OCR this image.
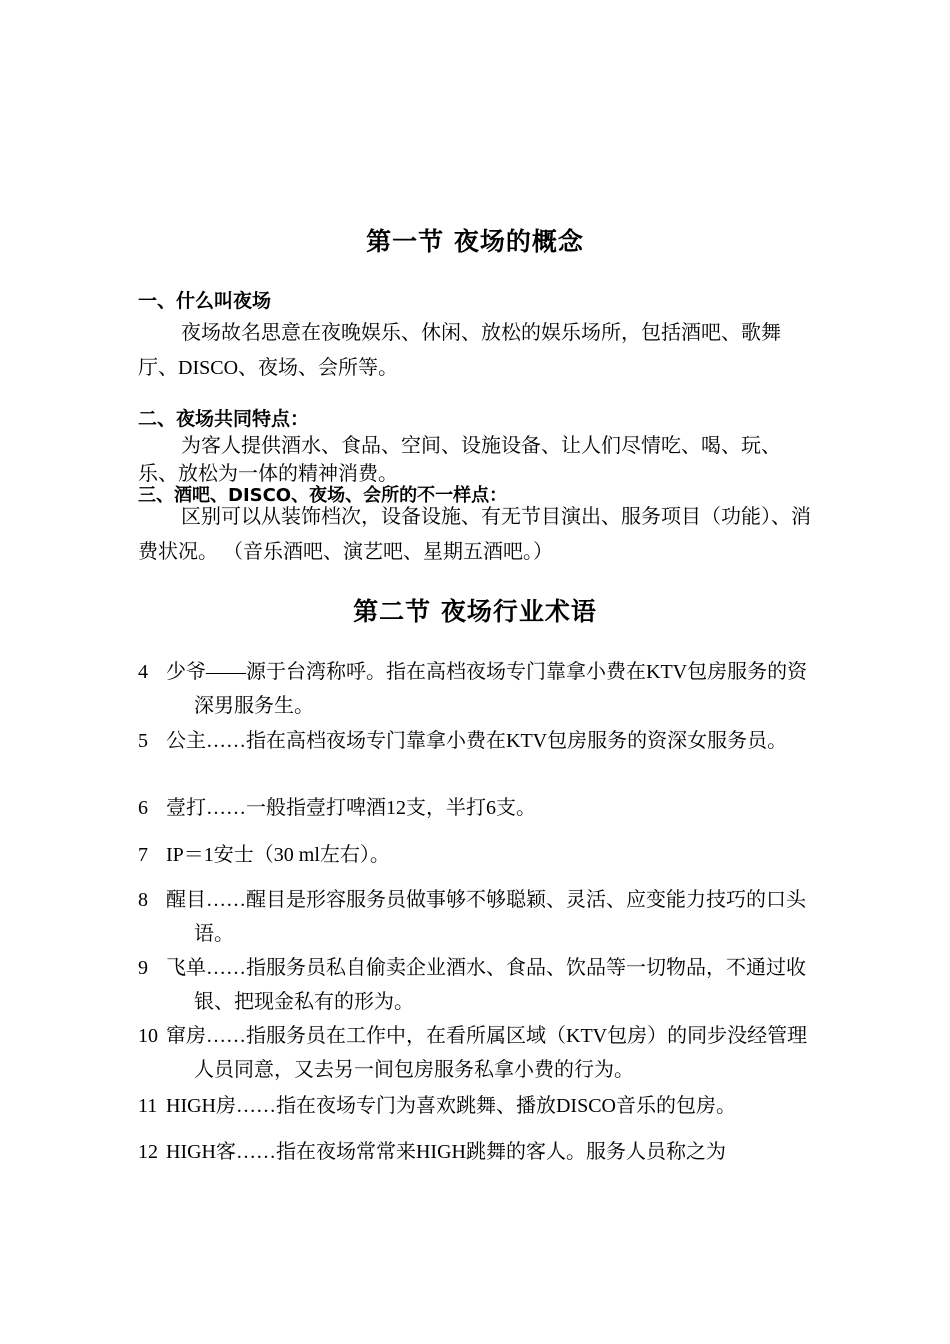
第一节 夜场的概念
一、什么叫夜场
夜场故名思意在夜晚娱乐、休闲、放松的娱乐场所，包括酒吧、歌舞厅、DISCO、夜场、会所等。
二、夜场共同特点：
为客人提供酒水、食品、空间、设施设备、让人们尽情吃、喝、玩、乐、放松为一体的精神消费。
三、酒吧、DISCO、夜场、会所的不一样点：
区别可以从装饰档次，设备设施、有无节目演出、服务项目（功能）、消费状况。 （音乐酒吧、演艺吧、星期五酒吧。）
第二节 夜场行业术语
4 少爷——源于台湾称呼。指在高档夜场专门靠拿小费在KTV包房服务的资深男服务生。
5 公主……指在高档夜场专门靠拿小费在KTV包房服务的资深女服务员。
6 壹打……一般指壹打啤酒12支，半打6支。
7 IP＝1安士（30 ml左右）。
8 醒目……醒目是形容服务员做事够不够聪颖、灵活、应变能力技巧的口头语。
9 飞单……指服务员私自偷卖企业酒水、食品、饮品等一切物品，不通过收银、把现金私有的形为。
10 窜房……指服务员在工作中，在看所属区域（KTV包房）的同步没经管理人员同意，又去另一间包房服务私拿小费的行为。
11 HIGH房……指在夜场专门为喜欢跳舞、播放DISCO音乐的包房。
12 HIGH客……指在夜场常常来HIGH跳舞的客人。服务人员称之为
